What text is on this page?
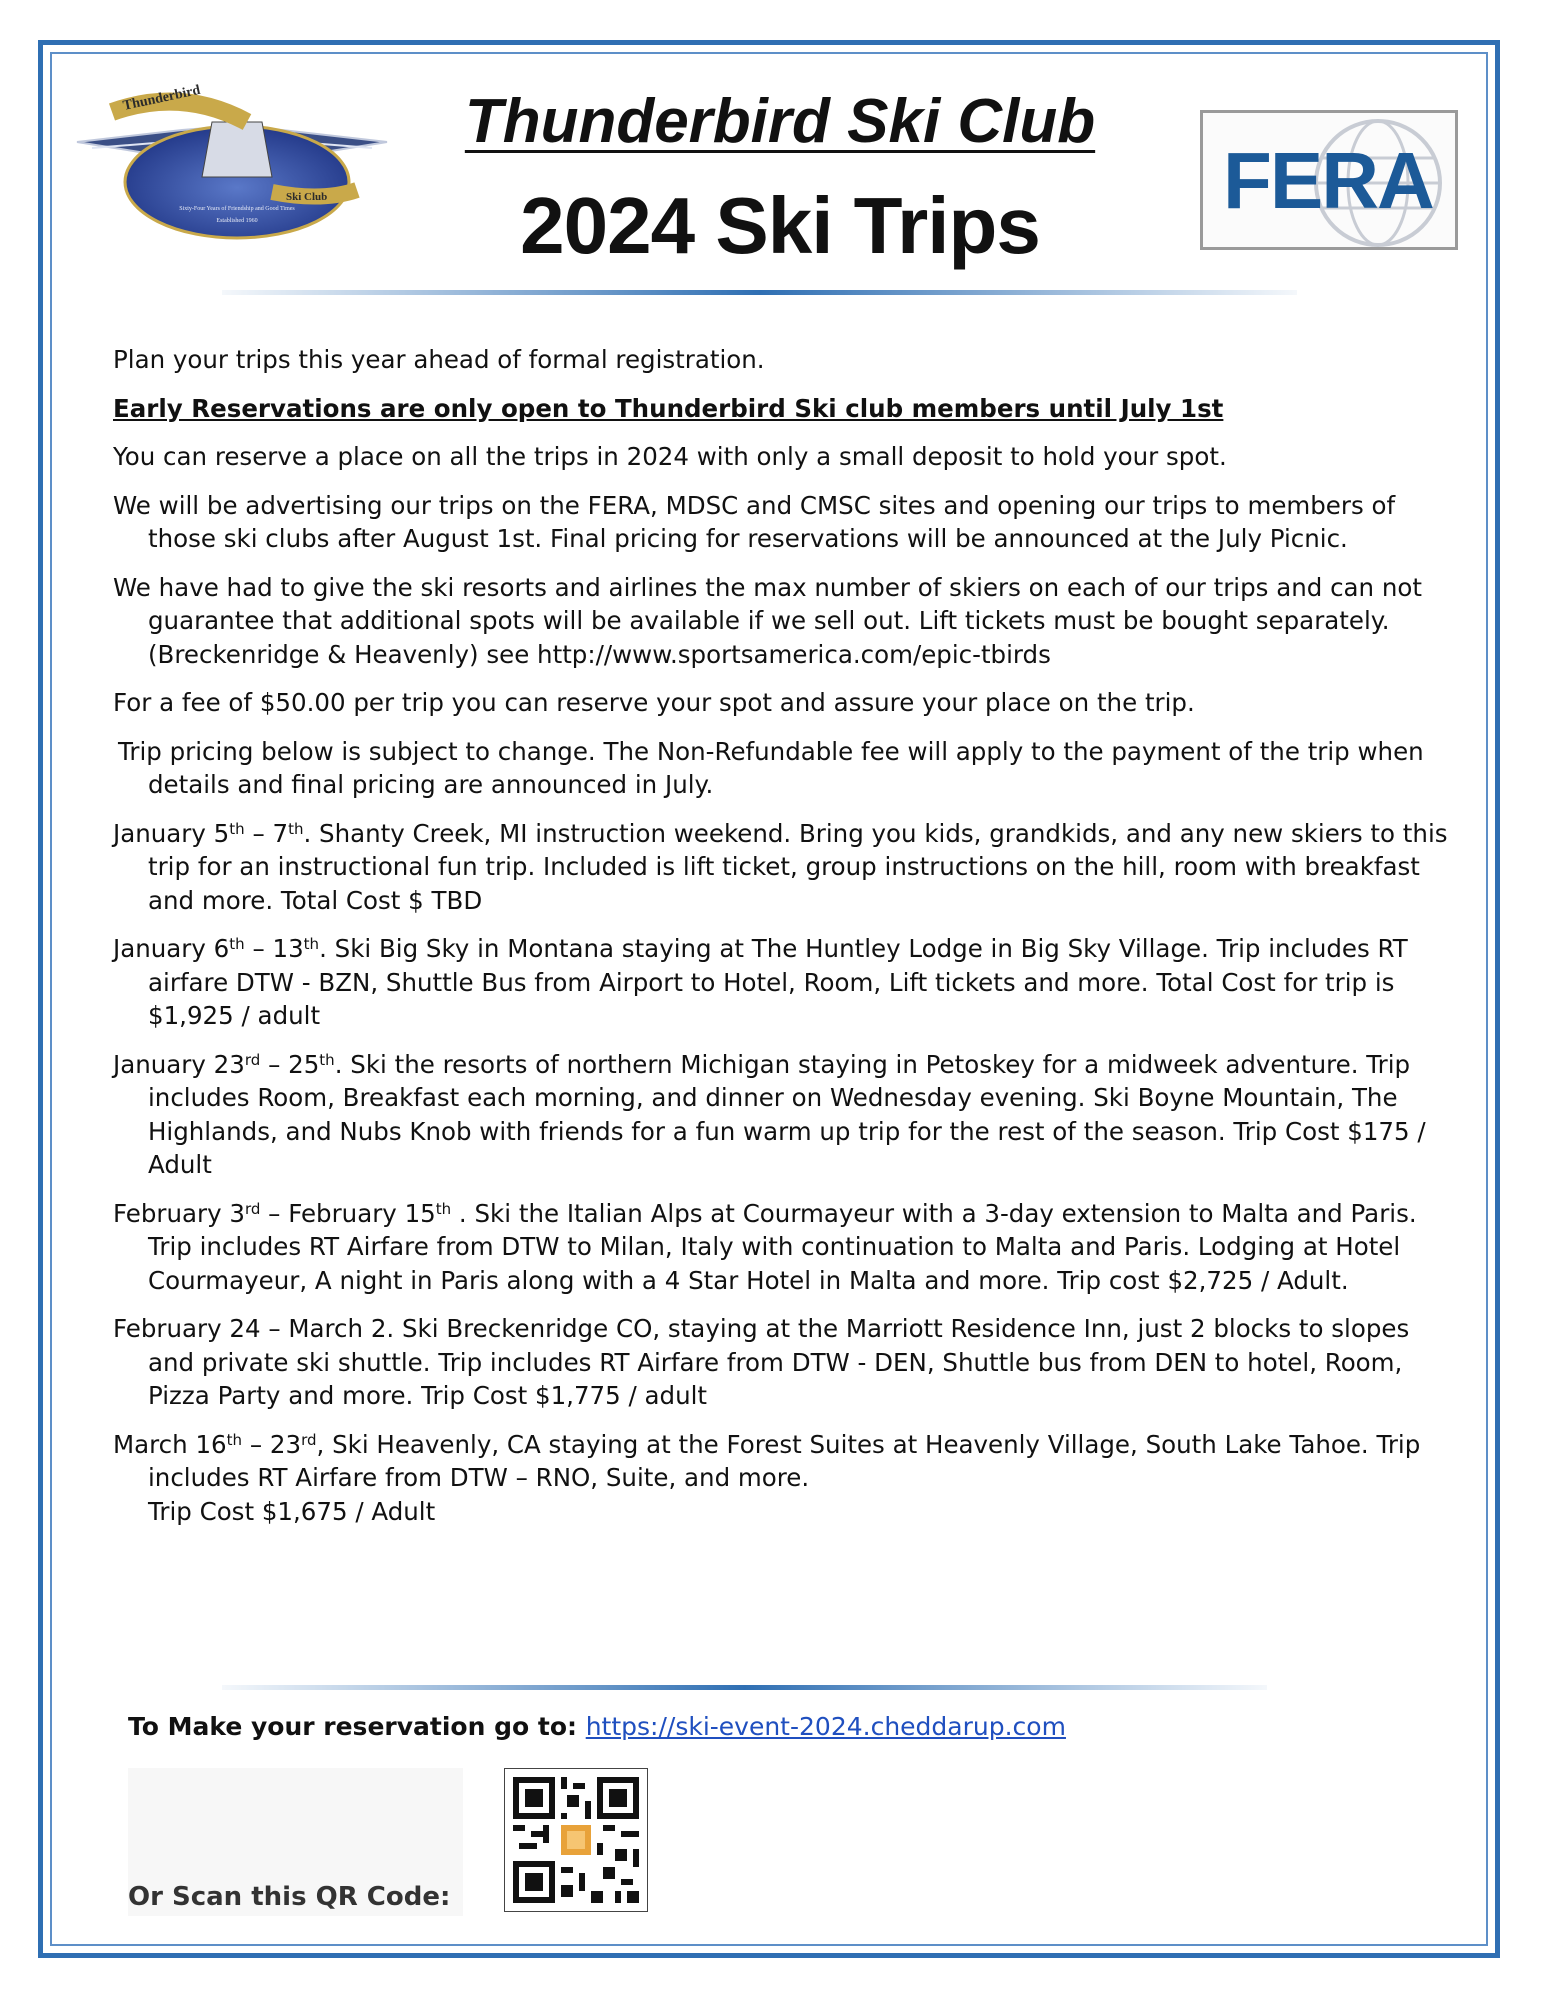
Thunderbird
Ski Club
Sixty-Four Years of Friendship and Good Times
Established 1960
Thunderbird Ski Club
2024 Ski Trips
FERA

Plan your trips this year ahead of formal registration.

Early Reservations are only open to Thunderbird Ski club members until July 1st

You can reserve a place on all the trips in 2024 with only a small deposit to hold your spot.

We will be advertising our trips on the FERA, MDSC and CMSC sites and opening our trips to members of those ski clubs after August 1st. Final pricing for reservations will be announced at the July Picnic.

We have had to give the ski resorts and airlines the max number of skiers on each of our trips and can not guarantee that additional spots will be available if we sell out. Lift tickets must be bought separately. (Breckenridge & Heavenly) see http://www.sportsamerica.com/epic-tbirds

For a fee of $50.00 per trip you can reserve your spot and assure your place on the trip.

Trip pricing below is subject to change. The Non-Refundable fee will apply to the payment of the trip when details and final pricing are announced in July.

January 5th – 7th. Shanty Creek, MI instruction weekend. Bring you kids, grandkids, and any new skiers to this trip for an instructional fun trip. Included is lift ticket, group instructions on the hill, room with breakfast and more. Total Cost $ TBD

January 6th – 13th. Ski Big Sky in Montana staying at The Huntley Lodge in Big Sky Village. Trip includes RT airfare DTW - BZN, Shuttle Bus from Airport to Hotel, Room, Lift tickets and more. Total Cost for trip is $1,925 / adult

January 23rd – 25th. Ski the resorts of northern Michigan staying in Petoskey for a midweek adventure. Trip includes Room, Breakfast each morning, and dinner on Wednesday evening. Ski Boyne Mountain, The Highlands, and Nubs Knob with friends for a fun warm up trip for the rest of the season. Trip Cost $175 / Adult

February 3rd – February 15th . Ski the Italian Alps at Courmayeur with a 3-day extension to Malta and Paris. Trip includes RT Airfare from DTW to Milan, Italy with continuation to Malta and Paris. Lodging at Hotel Courmayeur, A night in Paris along with a 4 Star Hotel in Malta and more. Trip cost $2,725 / Adult.

February 24 – March 2. Ski Breckenridge CO, staying at the Marriott Residence Inn, just 2 blocks to slopes and private ski shuttle. Trip includes RT Airfare from DTW - DEN, Shuttle bus from DEN to hotel, Room, Pizza Party and more. Trip Cost $1,775 / adult

March 16th – 23rd, Ski Heavenly, CA staying at the Forest Suites at Heavenly Village, South Lake Tahoe. Trip includes RT Airfare from DTW – RNO, Suite, and more.
Trip Cost $1,675 / Adult

To Make your reservation go to: https://ski-event-2024.cheddarup.com
Or Scan this QR Code:
